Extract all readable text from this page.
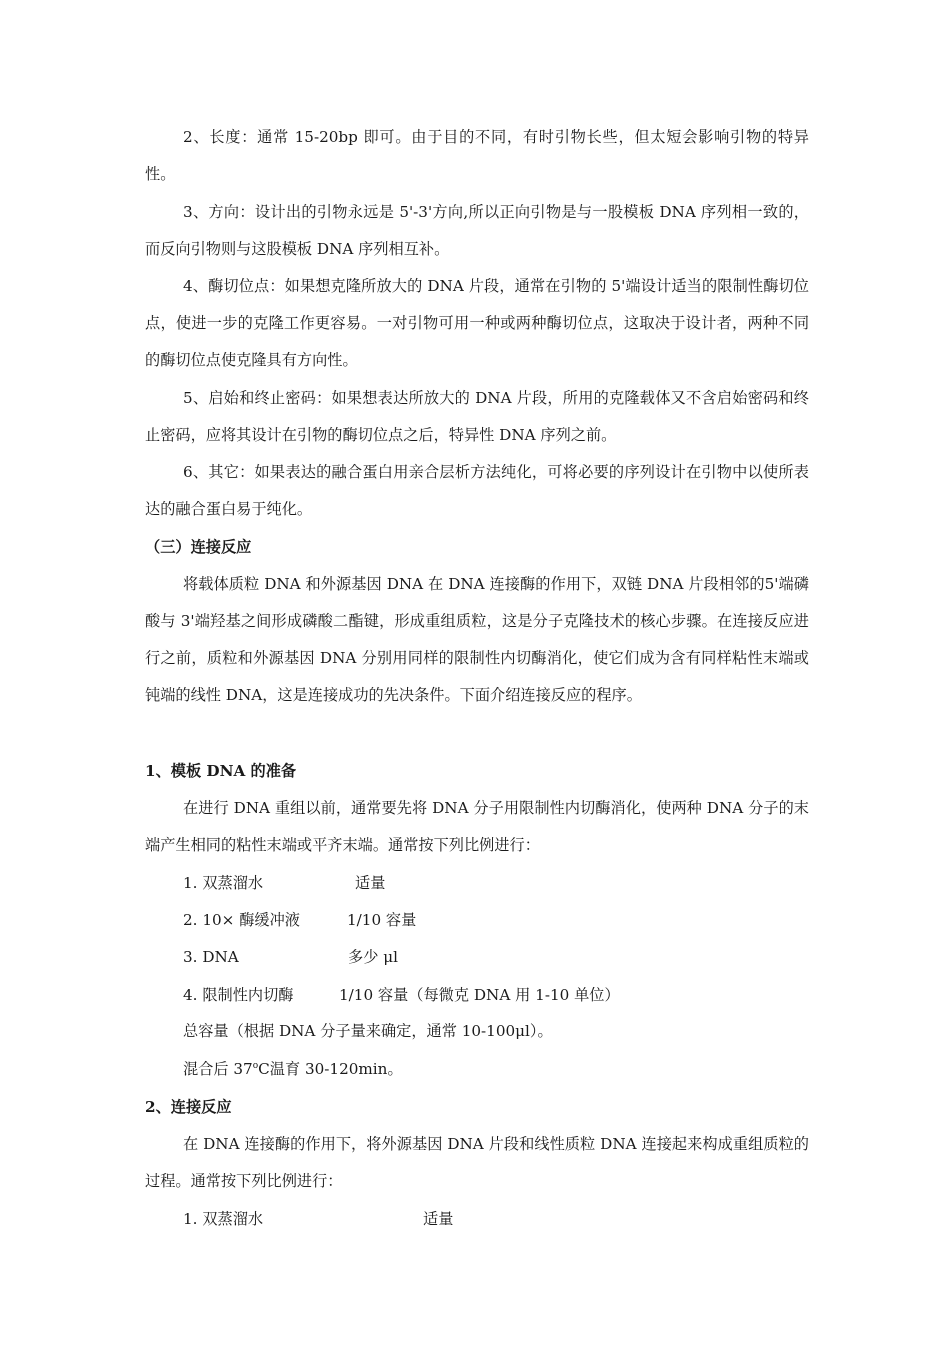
2、长度：通常 15-20bp 即可。由于目的不同，有时引物长些，但太短会影响引物的特异性。

3、方向：设计出的引物永远是 5'-3'方向,所以正向引物是与一股模板 DNA 序列相一致的，而反向引物则与这股模板 DNA 序列相互补。

4、酶切位点：如果想克隆所放大的 DNA 片段，通常在引物的 5'端设计适当的限制性酶切位点，使进一步的克隆工作更容易。一对引物可用一种或两种酶切位点，这取决于设计者，两种不同的酶切位点使克隆具有方向性。

5、启始和终止密码：如果想表达所放大的 DNA 片段，所用的克隆载体又不含启始密码和终止密码，应将其设计在引物的酶切位点之后，特异性 DNA 序列之前。

6、其它：如果表达的融合蛋白用亲合层析方法纯化，可将必要的序列设计在引物中以使所表达的融合蛋白易于纯化。

（三）连接反应

将载体质粒 DNA 和外源基因 DNA 在 DNA 连接酶的作用下，双链 DNA 片段相邻的5'端磷酸与 3'端羟基之间形成磷酸二酯键，形成重组质粒，这是分子克隆技术的核心步骤。在连接反应进行之前，质粒和外源基因 DNA 分别用同样的限制性内切酶消化，使它们成为含有同样粘性末端或钝端的线性 DNA，这是连接成功的先决条件。下面介绍连接反应的程序。

1、模板 DNA 的准备

在进行 DNA 重组以前，通常要先将 DNA 分子用限制性内切酶消化，使两种 DNA 分子的末端产生相同的粘性末端或平齐末端。通常按下列比例进行：

1. 双蒸溜水	适量

2. 10× 酶缓冲液	1/10 容量

3. DNA	多少 μl

4. 限制性内切酶	1/10 容量（每微克 DNA 用 1-10 单位）

总容量（根据 DNA 分子量来确定，通常 10-100μl）。

混合后 37$^o$C温育 30-120min。

2、连接反应

在 DNA 连接酶的作用下，将外源基因 DNA 片段和线性质粒 DNA 连接起来构成重组质粒的过程。通常按下列比例进行：

1. 双蒸溜水	适量
